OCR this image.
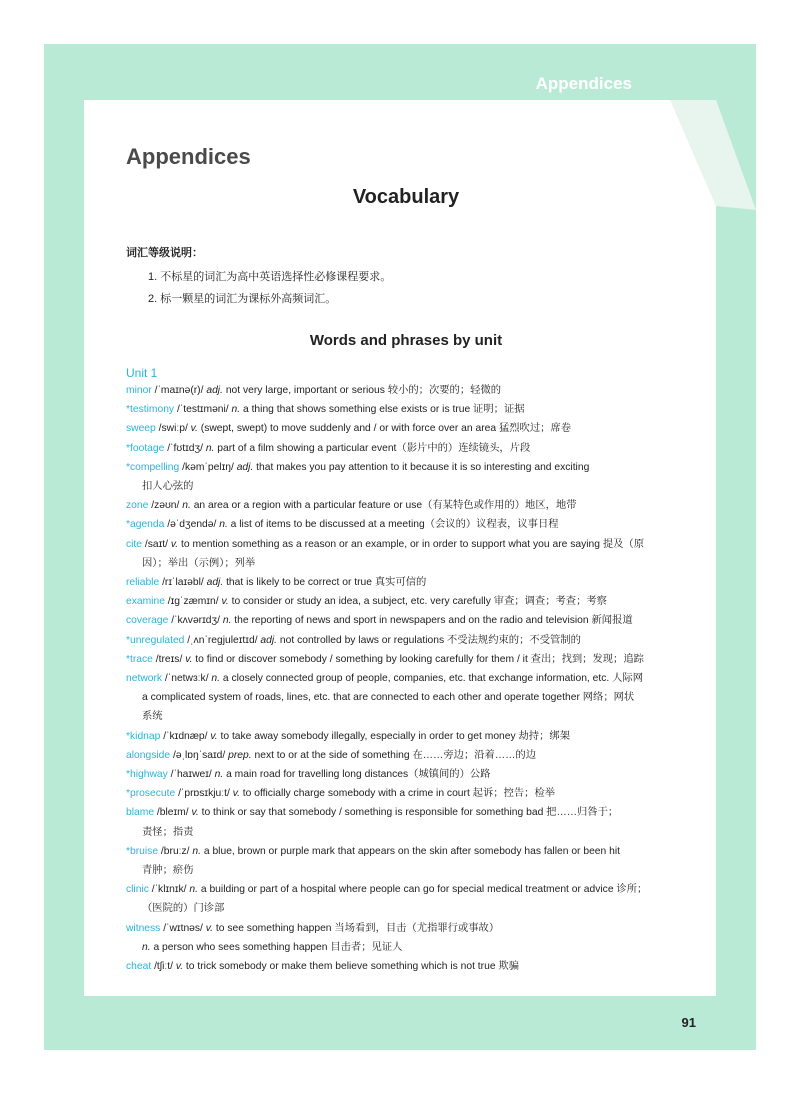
Appendices
Appendices
Vocabulary
词汇等级说明：
1. 不标星的词汇为高中英语选择性必修课程要求。
2. 标一颗星的词汇为课标外高频词汇。
Words and phrases by unit
Unit 1
minor /ˈmaɪnə(r)/ adj. not very large, important or serious 较小的；次要的；轻微的
*testimony /ˈtestɪməni/ n. a thing that shows something else exists or is true 证明；证据
sweep /swiːp/ v. (swept, swept) to move suddenly and / or with force over an area 猛烈吹过；席卷
*footage /ˈfʊtɪdʒ/ n. part of a film showing a particular event（影片中的）连续镜头，片段
*compelling /kəmˈpelɪŋ/ adj. that makes you pay attention to it because it is so interesting and exciting
扣人心弦的
zone /zəʊn/ n. an area or a region with a particular feature or use（有某特色或作用的）地区，地带
*agenda /əˈdʒendə/ n. a list of items to be discussed at a meeting（会议的）议程表，议事日程
cite /saɪt/ v. to mention something as a reason or an example, or in order to support what you are saying 提及（原
因）；举出（示例）；列举
reliable /rɪˈlaɪəbl/ adj. that is likely to be correct or true 真实可信的
examine /ɪɡˈzæmɪn/ v. to consider or study an idea, a subject, etc. very carefully 审查；调查；考查；考察
coverage /ˈkʌvərɪdʒ/ n. the reporting of news and sport in newspapers and on the radio and television 新闻报道
*unregulated /ˌʌnˈreɡjuleɪtɪd/ adj. not controlled by laws or regulations 不受法规约束的；不受管制的
*trace /treɪs/ v. to find or discover somebody / something by looking carefully for them / it 查出；找到；发现；追踪
network /ˈnetwɜːk/ n. a closely connected group of people, companies, etc. that exchange information, etc. 人际网
a complicated system of roads, lines, etc. that are connected to each other and operate together 网络；网状
系统
*kidnap /ˈkɪdnæp/ v. to take away somebody illegally, especially in order to get money 劫持；绑架
alongside /əˌlɒŋˈsaɪd/ prep. next to or at the side of something 在……旁边；沿着……的边
*highway /ˈhaɪweɪ/ n. a main road for travelling long distances（城镇间的）公路
*prosecute /ˈprɒsɪkjuːt/ v. to officially charge somebody with a crime in court 起诉；控告；检举
blame /bleɪm/ v. to think or say that somebody / something is responsible for something bad 把……归咎于；
责怪；指责
*bruise /bruːz/ n. a blue, brown or purple mark that appears on the skin after somebody has fallen or been hit
青肿；瘀伤
clinic /ˈklɪnɪk/ n. a building or part of a hospital where people can go for special medical treatment or advice 诊所；
（医院的）门诊部
witness /ˈwɪtnəs/ v. to see something happen 当场看到，目击（尤指罪行或事故）
n. a person who sees something happen 目击者；见证人
cheat /tʃiːt/ v. to trick somebody or make them believe something which is not true 欺骗
91
